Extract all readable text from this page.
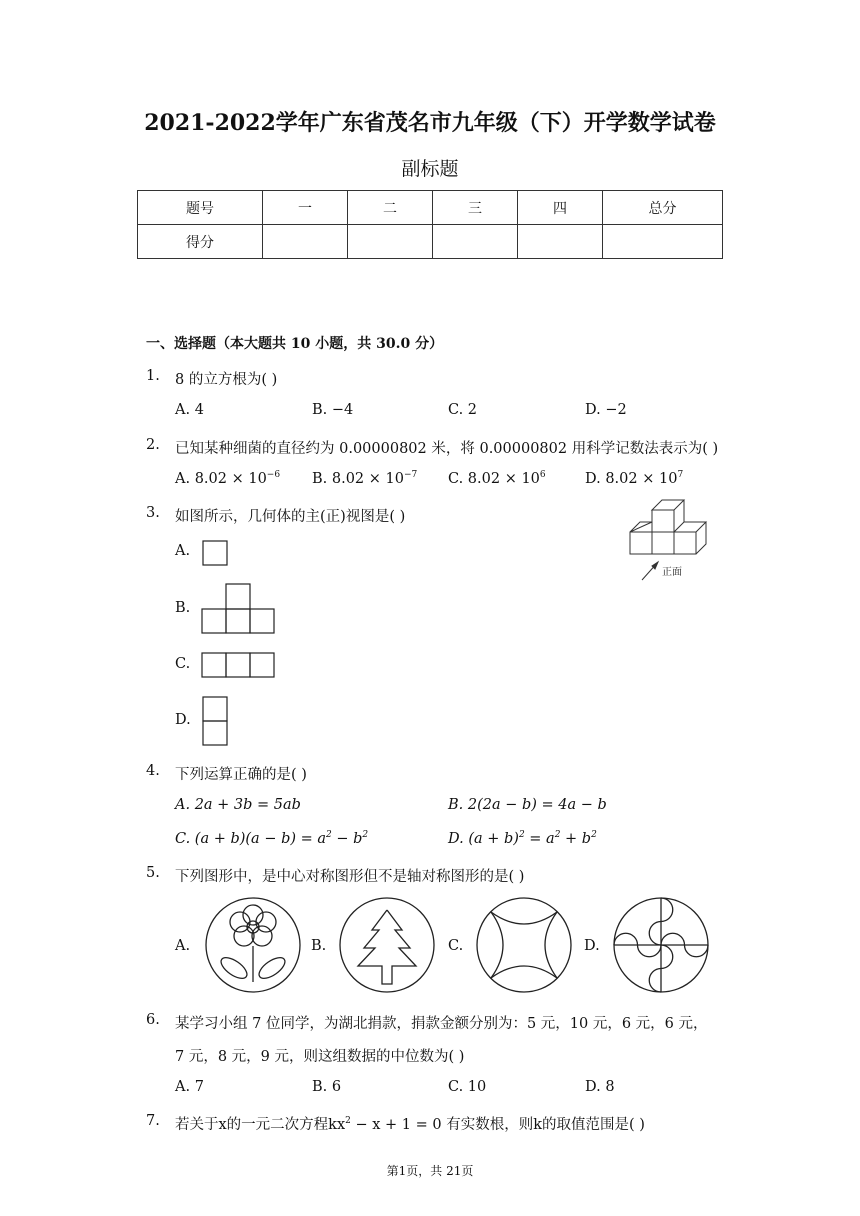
2021-2022学年广东省茂名市九年级（下）开学数学试卷
副标题
题号	一	二	三	四	总分
得分					
一、选择题（本大题共 10 小题，共 30.0 分）
1. 8 的立方根为( )
A. 4	B. −4	C. 2	D. −2
2. 已知某种细菌的直径约为 0.00000802 米，将 0.00000802 用科学记数法表示为( )
A. $8.02 \times 10^{-6}$ B. $8.02 \times 10^{-7}$ C. $8.02 \times 10^6$	D. $8.02 \times 10^7$
3. 如图所示，几何体的主(正)视图是( )
正面
A.
B.
C.
D.
4. 下列运算正确的是( )
A. 2a + 3b = 5ab	B. 2(2a − b) = 4a − b
C. $(a + b)(a - b) = a^2 - b^2$	D. $(a + b)^2 = a^2 + b^2$
5. 下列图形中，是中心对称图形但不是轴对称图形的是( )
A.	B.	C.	D.
6. 某学习小组 7 位同学，为湖北捐款，捐款金额分别为：5 元，10 元，6 元，6 元，
7 元，8 元，9 元，则这组数据的中位数为( )
A. 7	B. 6	C. 10	D. 8
7. 若关于x的一元二次方程$kx^2 - x + 1 = 0$ 有实数根，则k的取值范围是( )
第1页，共 21页
